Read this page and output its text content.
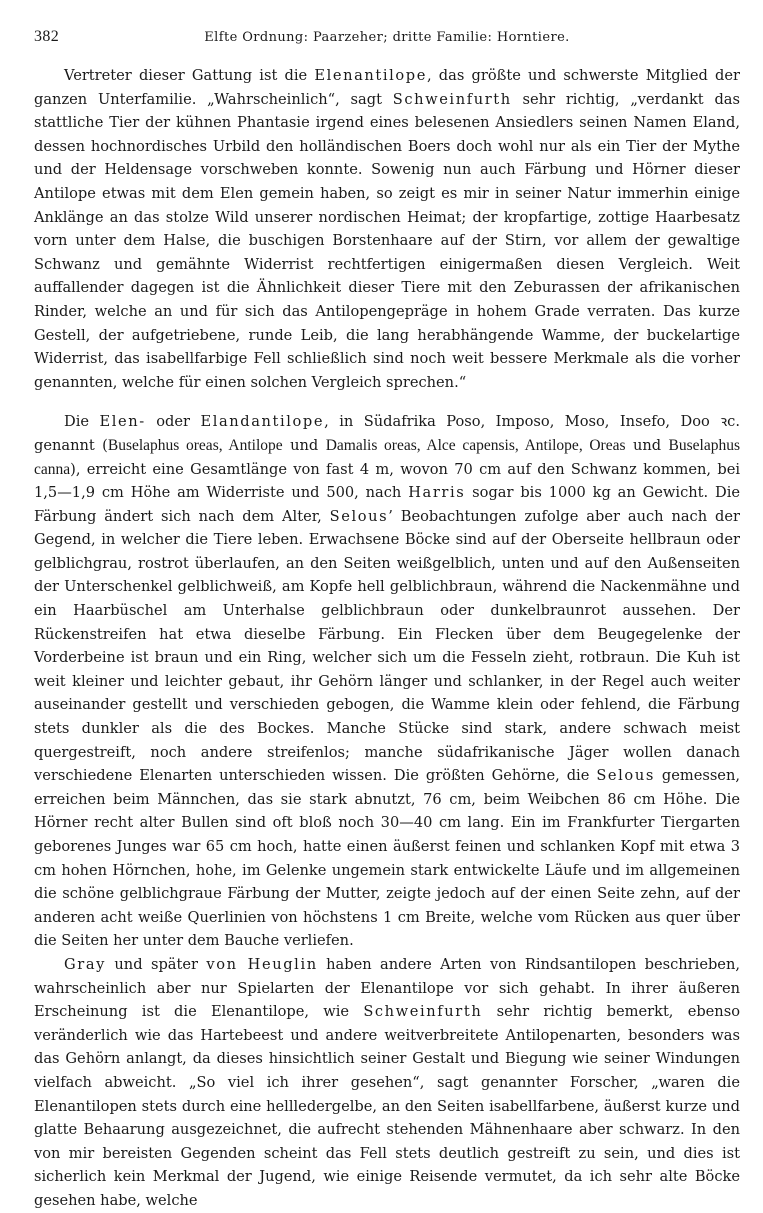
382	Elfte Ordnung: Paarzeher; dritte Familie: Horntiere.

Vertreter dieser Gattung ist die Elenantilope, das größte und schwerste Mitglied der ganzen Unterfamilie. „Wahrscheinlich“, sagt Schweinfurth sehr richtig, „verdankt das stattliche Tier der kühnen Phantasie irgend eines belesenen Ansiedlers seinen Namen Eland, dessen hochnordisches Urbild den holländischen Boers doch wohl nur als ein Tier der Mythe und der Heldensage vorschweben konnte. Sowenig nun auch Färbung und Hörner dieser Antilope etwas mit dem Elen gemein haben, so zeigt es mir in seiner Natur immerhin einige Anklänge an das stolze Wild unserer nordischen Heimat; der kropfartige, zottige Haarbesatz vorn unter dem Halse, die buschigen Borstenhaare auf der Stirn, vor allem der gewaltige Schwanz und gemähnte Widerrist rechtfertigen einigermaßen diesen Vergleich. Weit auffallender dagegen ist die Ähnlichkeit dieser Tiere mit den Zeburassen der afrikanischen Rinder, welche an und für sich das Antilopengepräge in hohem Grade verraten. Das kurze Gestell, der aufgetriebene, runde Leib, die lang herabhängende Wamme, der buckelartige Widerrist, das isabellfarbige Fell schließlich sind noch weit bessere Merkmale als die vorher genannten, welche für einen solchen Vergleich sprechen.“

Die Elen- oder Elandantilope, in Südafrika Poso, Imposo, Moso, Insefo, Doo ꝛc. genannt (Buselaphus oreas, Antilope und Damalis oreas, Alce capensis, Antilope, Oreas und Buselaphus canna), erreicht eine Gesamtlänge von fast 4 m, wovon 70 cm auf den Schwanz kommen, bei 1,5—1,9 cm Höhe am Widerriste und 500, nach Harris sogar bis 1000 kg an Gewicht. Die Färbung ändert sich nach dem Alter, Selous’ Beobachtungen zufolge aber auch nach der Gegend, in welcher die Tiere leben. Erwachsene Böcke sind auf der Oberseite hellbraun oder gelblichgrau, rostrot überlaufen, an den Seiten weißgelblich, unten und auf den Außenseiten der Unterschenkel gelblichweiß, am Kopfe hell gelblichbraun, während die Nackenmähne und ein Haarbüschel am Unterhalse gelblichbraun oder dunkelbraunrot aussehen. Der Rückenstreifen hat etwa dieselbe Färbung. Ein Flecken über dem Beugegelenke der Vorderbeine ist braun und ein Ring, welcher sich um die Fesseln zieht, rotbraun. Die Kuh ist weit kleiner und leichter gebaut, ihr Gehörn länger und schlanker, in der Regel auch weiter auseinander gestellt und verschieden gebogen, die Wamme klein oder fehlend, die Färbung stets dunkler als die des Bockes. Manche Stücke sind stark, andere schwach meist quergestreift, noch andere streifenlos; manche südafrikanische Jäger wollen danach verschiedene Elenarten unterschieden wissen. Die größten Gehörne, die Selous gemessen, erreichen beim Männchen, das sie stark abnutzt, 76 cm, beim Weibchen 86 cm Höhe. Die Hörner recht alter Bullen sind oft bloß noch 30—40 cm lang. Ein im Frankfurter Tiergarten geborenes Junges war 65 cm hoch, hatte einen äußerst feinen und schlanken Kopf mit etwa 3 cm hohen Hörnchen, hohe, im Gelenke ungemein stark entwickelte Läufe und im allgemeinen die schöne gelblichgraue Färbung der Mutter, zeigte jedoch auf der einen Seite zehn, auf der anderen acht weiße Querlinien von höchstens 1 cm Breite, welche vom Rücken aus quer über die Seiten her unter dem Bauche verliefen.

Gray und später von Heuglin haben andere Arten von Rindsantilopen beschrieben, wahrscheinlich aber nur Spielarten der Elenantilope vor sich gehabt. In ihrer äußeren Erscheinung ist die Elenantilope, wie Schweinfurth sehr richtig bemerkt, ebenso veränderlich wie das Hartebeest und andere weitverbreitete Antilopenarten, besonders was das Gehörn anlangt, da dieses hinsichtlich seiner Gestalt und Biegung wie seiner Windungen vielfach abweicht. „So viel ich ihrer gesehen“, sagt genannter Forscher, „waren die Elenantilopen stets durch eine hellledergelbe, an den Seiten isabellfarbene, äußerst kurze und glatte Behaarung ausgezeichnet, die aufrecht stehenden Mähnenhaare aber schwarz. In den von mir bereisten Gegenden scheint das Fell stets deutlich gestreift zu sein, und dies ist sicherlich kein Merkmal der Jugend, wie einige Reisende vermutet, da ich sehr alte Böcke gesehen habe, welche
